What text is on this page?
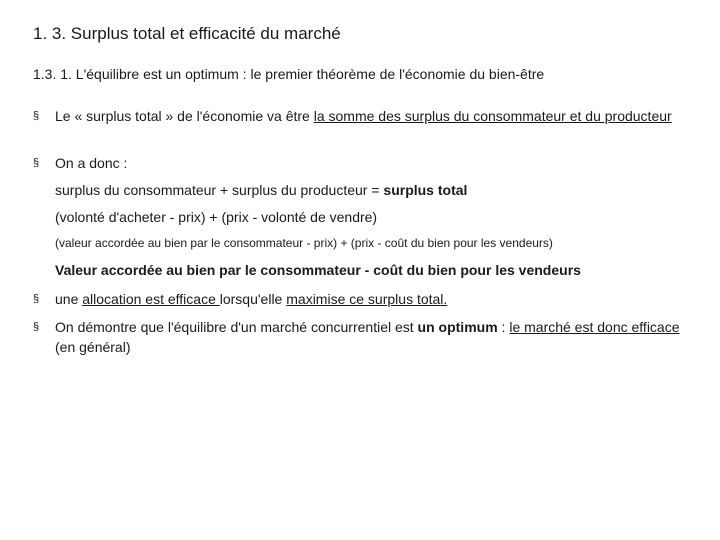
1. 3. Surplus total et efficacité du marché
1.3. 1. L'équilibre est un optimum : le premier théorème de l'économie du bien-être
§	Le « surplus total » de l'économie va être la somme des surplus du consommateur et du producteur
§	On a donc :
surplus du consommateur + surplus du producteur = surplus total
(volonté d'acheter - prix) + (prix - volonté de vendre)
(valeur accordée au bien par le consommateur - prix) + (prix - coût du bien pour les vendeurs)
Valeur accordée au bien par le consommateur - coût du bien pour les vendeurs
§	une allocation est efficace lorsqu'elle maximise ce surplus total.
§	On démontre que l'équilibre d'un marché concurrentiel est un optimum : le marché est donc efficace (en général)
